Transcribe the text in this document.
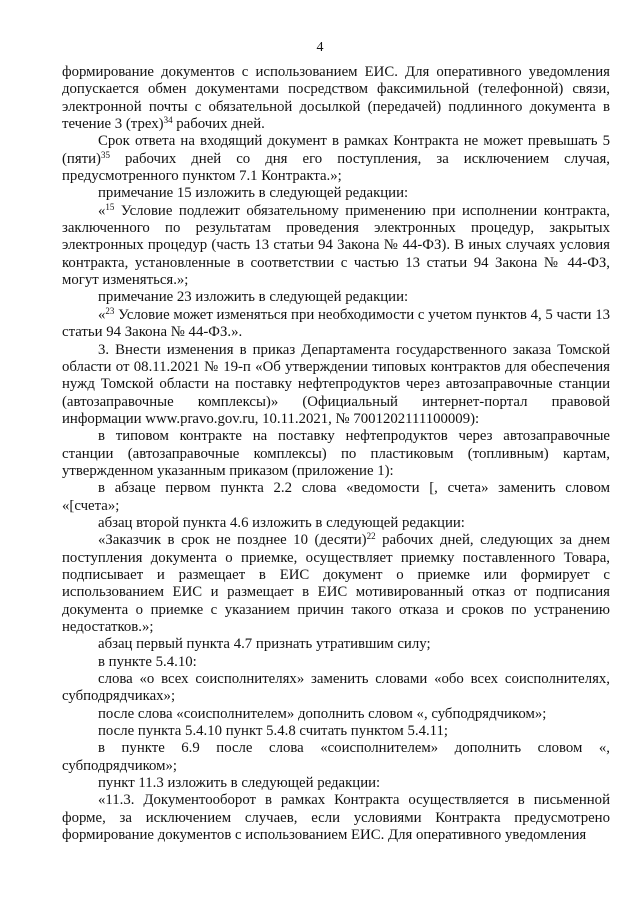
4

формирование документов с использованием ЕИС. Для оперативного уведомления допускается обмен документами посредством факсимильной (телефонной) связи, электронной почты с обязательной досылкой (передачей) подлинного документа в течение 3 (трех)$^{34}$ рабочих дней.

Срок ответа на входящий документ в рамках Контракта не может превышать 5 (пяти)$^{35}$ рабочих дней со дня его поступления, за исключением случая, предусмотренного пунктом 7.1 Контракта.»;

примечание 15 изложить в следующей редакции:

«$^{15}$ Условие подлежит обязательному применению при исполнении контракта, заключенного по результатам проведения электронных процедур, закрытых электронных процедур (часть 13 статьи 94 Закона № 44-ФЗ). В иных случаях условия контракта, установленные в соответствии с частью 13 статьи 94 Закона № 44-ФЗ, могут изменяться.»;

примечание 23 изложить в следующей редакции:

«$^{23}$ Условие может изменяться при необходимости с учетом пунктов 4, 5 части 13 статьи 94 Закона № 44-ФЗ.».

3. Внести изменения в приказ Департамента государственного заказа Томской области от 08.11.2021 № 19-п «Об утверждении типовых контрактов для обеспечения нужд Томской области на поставку нефтепродуктов через автозаправочные станции (автозаправочные комплексы)» (Официальный интернет-портал правовой информации www.pravo.gov.ru, 10.11.2021, № 7001202111100009):

в типовом контракте на поставку нефтепродуктов через автозаправочные станции (автозаправочные комплексы) по пластиковым (топливным) картам, утвержденном указанным приказом (приложение 1):

в абзаце первом пункта 2.2 слова «ведомости [, счета» заменить словом «[счета»;

абзац второй пункта 4.6 изложить в следующей редакции:

«Заказчик в срок не позднее 10 (десяти)$^{22}$ рабочих дней, следующих за днем поступления документа о приемке, осуществляет приемку поставленного Товара, подписывает и размещает в ЕИС документ о приемке или формирует с использованием ЕИС и размещает в ЕИС мотивированный отказ от подписания документа о приемке с указанием причин такого отказа и сроков по устранению недостатков.»;

абзац первый пункта 4.7 признать утратившим силу;

в пункте 5.4.10:

слова «о всех соисполнителях» заменить словами «обо всех соисполнителях, субподрядчиках»;

после слова «соисполнителем» дополнить словом «, субподрядчиком»;

после пункта 5.4.10 пункт 5.4.8 считать пунктом 5.4.11;

в пункте 6.9 после слова «соисполнителем» дополнить словом «, субподрядчиком»;

пункт 11.3 изложить в следующей редакции:

«11.3. Документооборот в рамках Контракта осуществляется в письменной форме, за исключением случаев, если условиями Контракта предусмотрено формирование документов с использованием ЕИС. Для оперативного уведомления
